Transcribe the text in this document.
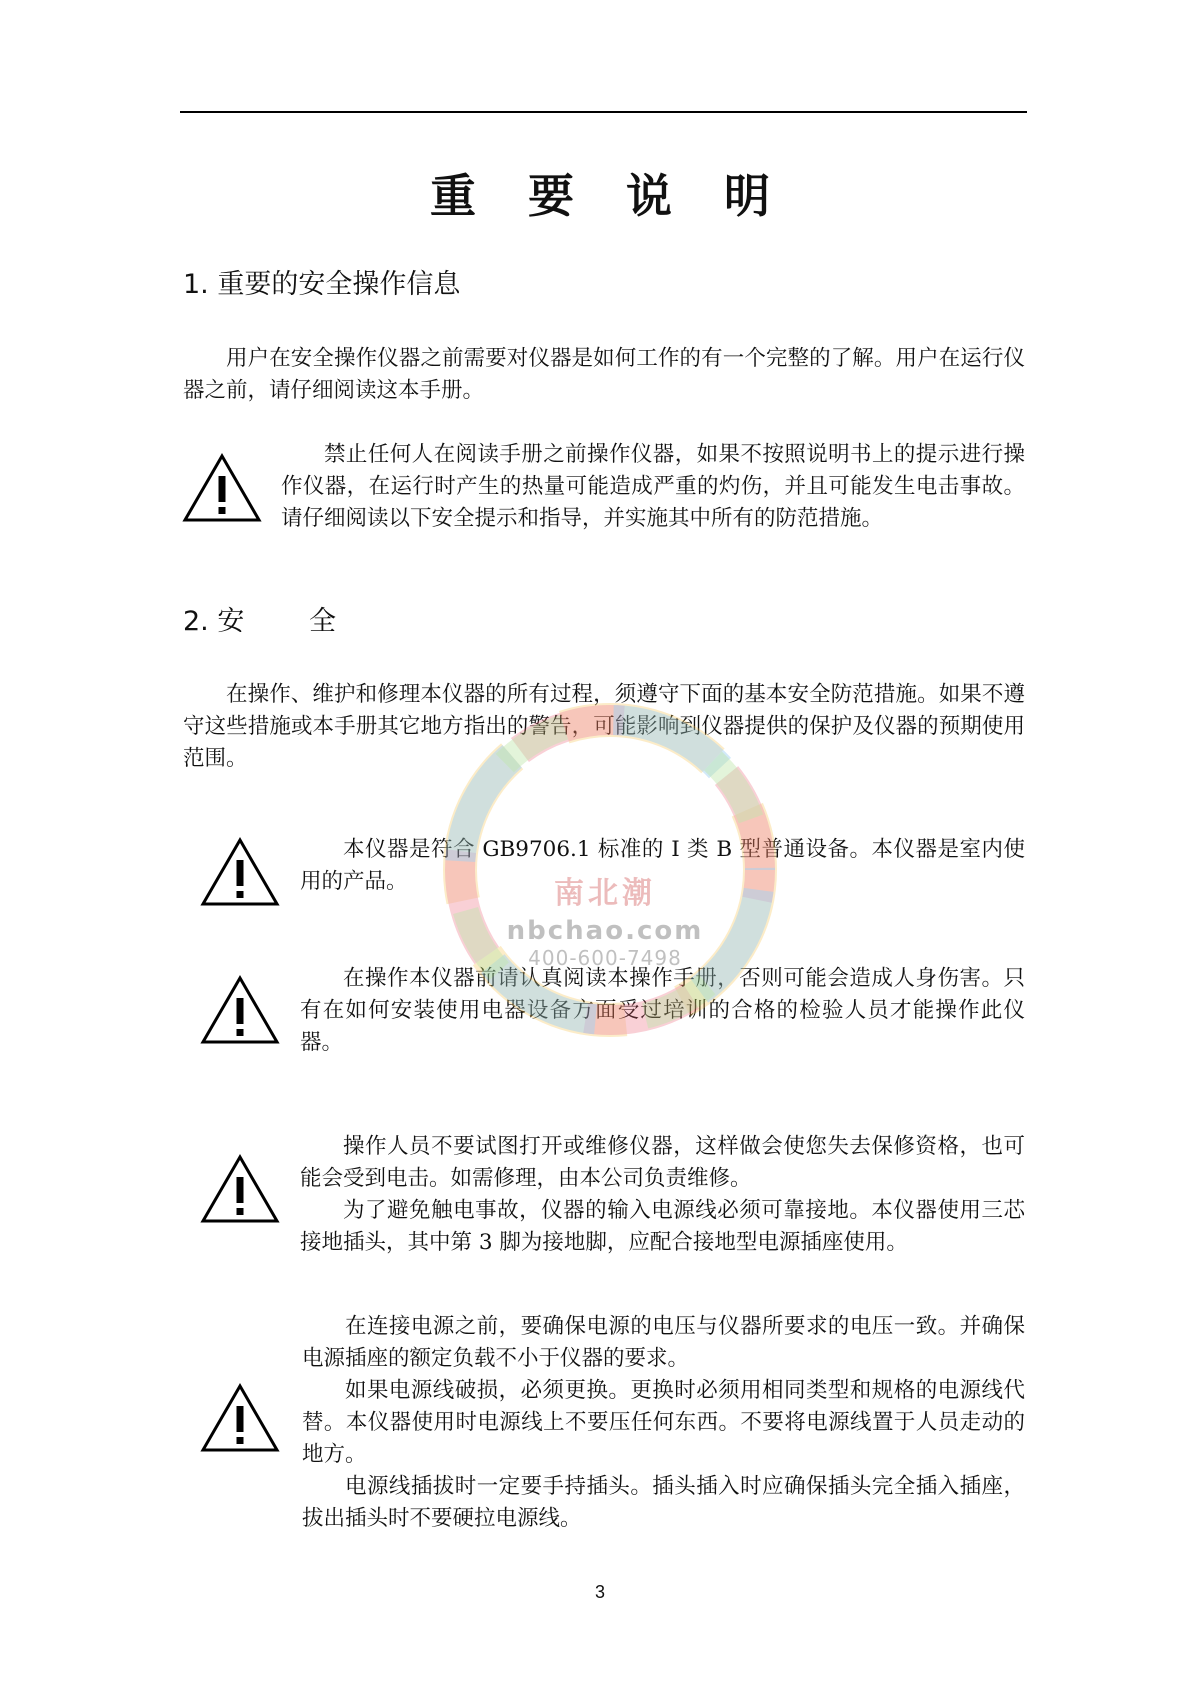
重 要 说 明
1. 重要的安全操作信息

用户在安全操作仪器之前需要对仪器是如何工作的有一个完整的了解。用户在运行仪器之前，请仔细阅读这本手册。

禁止任何人在阅读手册之前操作仪器，如果不按照说明书上的提示进行操作仪器，在运行时产生的热量可能造成严重的灼伤，并且可能发生电击事故。请仔细阅读以下安全提示和指导，并实施其中所有的防范措施。

2. 安 全

在操作、维护和修理本仪器的所有过程，须遵守下面的基本安全防范措施。如果不遵守这些措施或本手册其它地方指出的警告，可能影响到仪器提供的保护及仪器的预期使用范围。

本仪器是符合 GB9706.1 标准的 I 类 B 型普通设备。本仪器是室内使用的产品。

在操作本仪器前请认真阅读本操作手册，否则可能会造成人身伤害。只有在如何安装使用电器设备方面受过培训的合格的检验人员才能操作此仪器。

操作人员不要试图打开或维修仪器，这样做会使您失去保修资格，也可能会受到电击。如需修理，由本公司负责维修。

为了避免触电事故，仪器的输入电源线必须可靠接地。本仪器使用三芯接地插头，其中第 3 脚为接地脚，应配合接地型电源插座使用。

在连接电源之前，要确保电源的电压与仪器所要求的电压一致。并确保电源插座的额定负载不小于仪器的要求。

如果电源线破损，必须更换。更换时必须用相同类型和规格的电源线代替。本仪器使用时电源线上不要压任何东西。不要将电源线置于人员走动的地方。

电源线插拔时一定要手持插头。插头插入时应确保插头完全插入插座，拔出插头时不要硬拉电源线。

南北潮
nbchao.com
400-600-7498
3
